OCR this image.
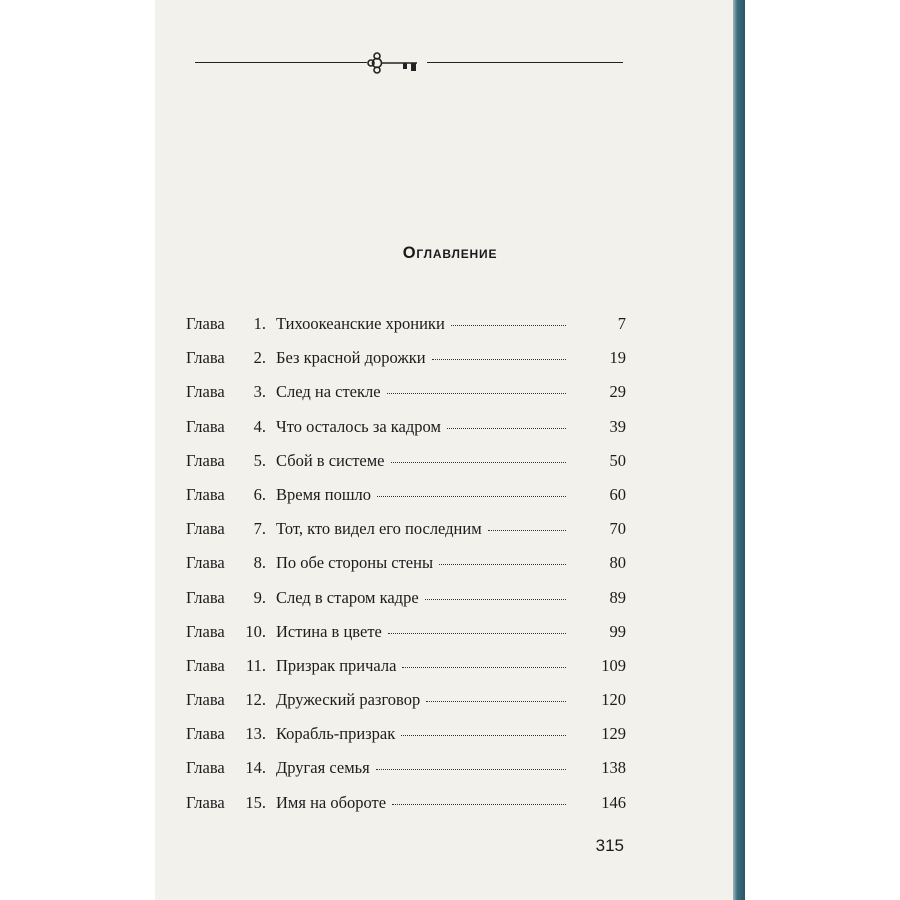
Оглавление
Глава	1. Тихоокеанские хроники	7
Глава	2. Без красной дорожки	19
Глава	3. След на стекле	29
Глава	4. Что осталось за кадром	39
Глава	5. Сбой в системе	50
Глава	6. Время пошло	60
Глава	7. Тот, кто видел его последним	70
Глава	8. По обе стороны стены	80
Глава	9. След в старом кадре	89
Глава	10. Истина в цвете	99
Глава	11. Призрак причала	109
Глава	12. Дружеский разговор	120
Глава	13. Корабль-призрак	129
Глава	14. Другая семья	138
Глава	15. Имя на обороте	146
315
